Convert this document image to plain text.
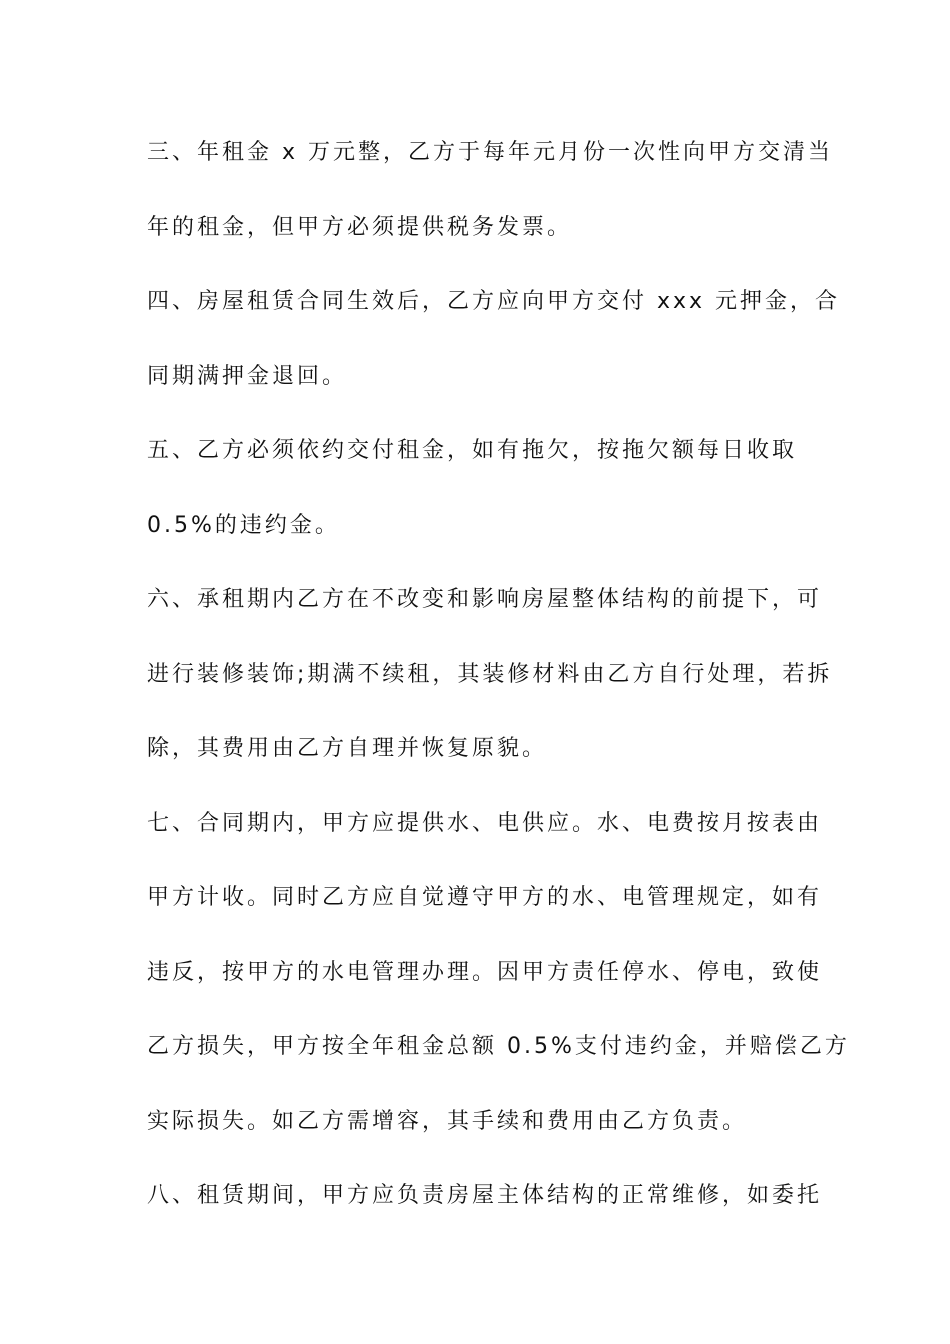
三、年租金 x 万元整，乙方于每年元月份一次性向甲方交清当
年的租金，但甲方必须提供税务发票。
四、房屋租赁合同生效后，乙方应向甲方交付 xxx 元押金，合
同期满押金退回。
五、乙方必须依约交付租金，如有拖欠，按拖欠额每日收取
0.5%的违约金。
六、承租期内乙方在不改变和影响房屋整体结构的前提下，可
进行装修装饰;期满不续租，其装修材料由乙方自行处理，若拆
除，其费用由乙方自理并恢复原貌。
七、合同期内，甲方应提供水、电供应。水、电费按月按表由
甲方计收。同时乙方应自觉遵守甲方的水、电管理规定，如有
违反，按甲方的水电管理办理。因甲方责任停水、停电，致使
乙方损失，甲方按全年租金总额 0.5%支付违约金，并赔偿乙方
实际损失。如乙方需增容，其手续和费用由乙方负责。
八、租赁期间，甲方应负责房屋主体结构的正常维修，如委托
